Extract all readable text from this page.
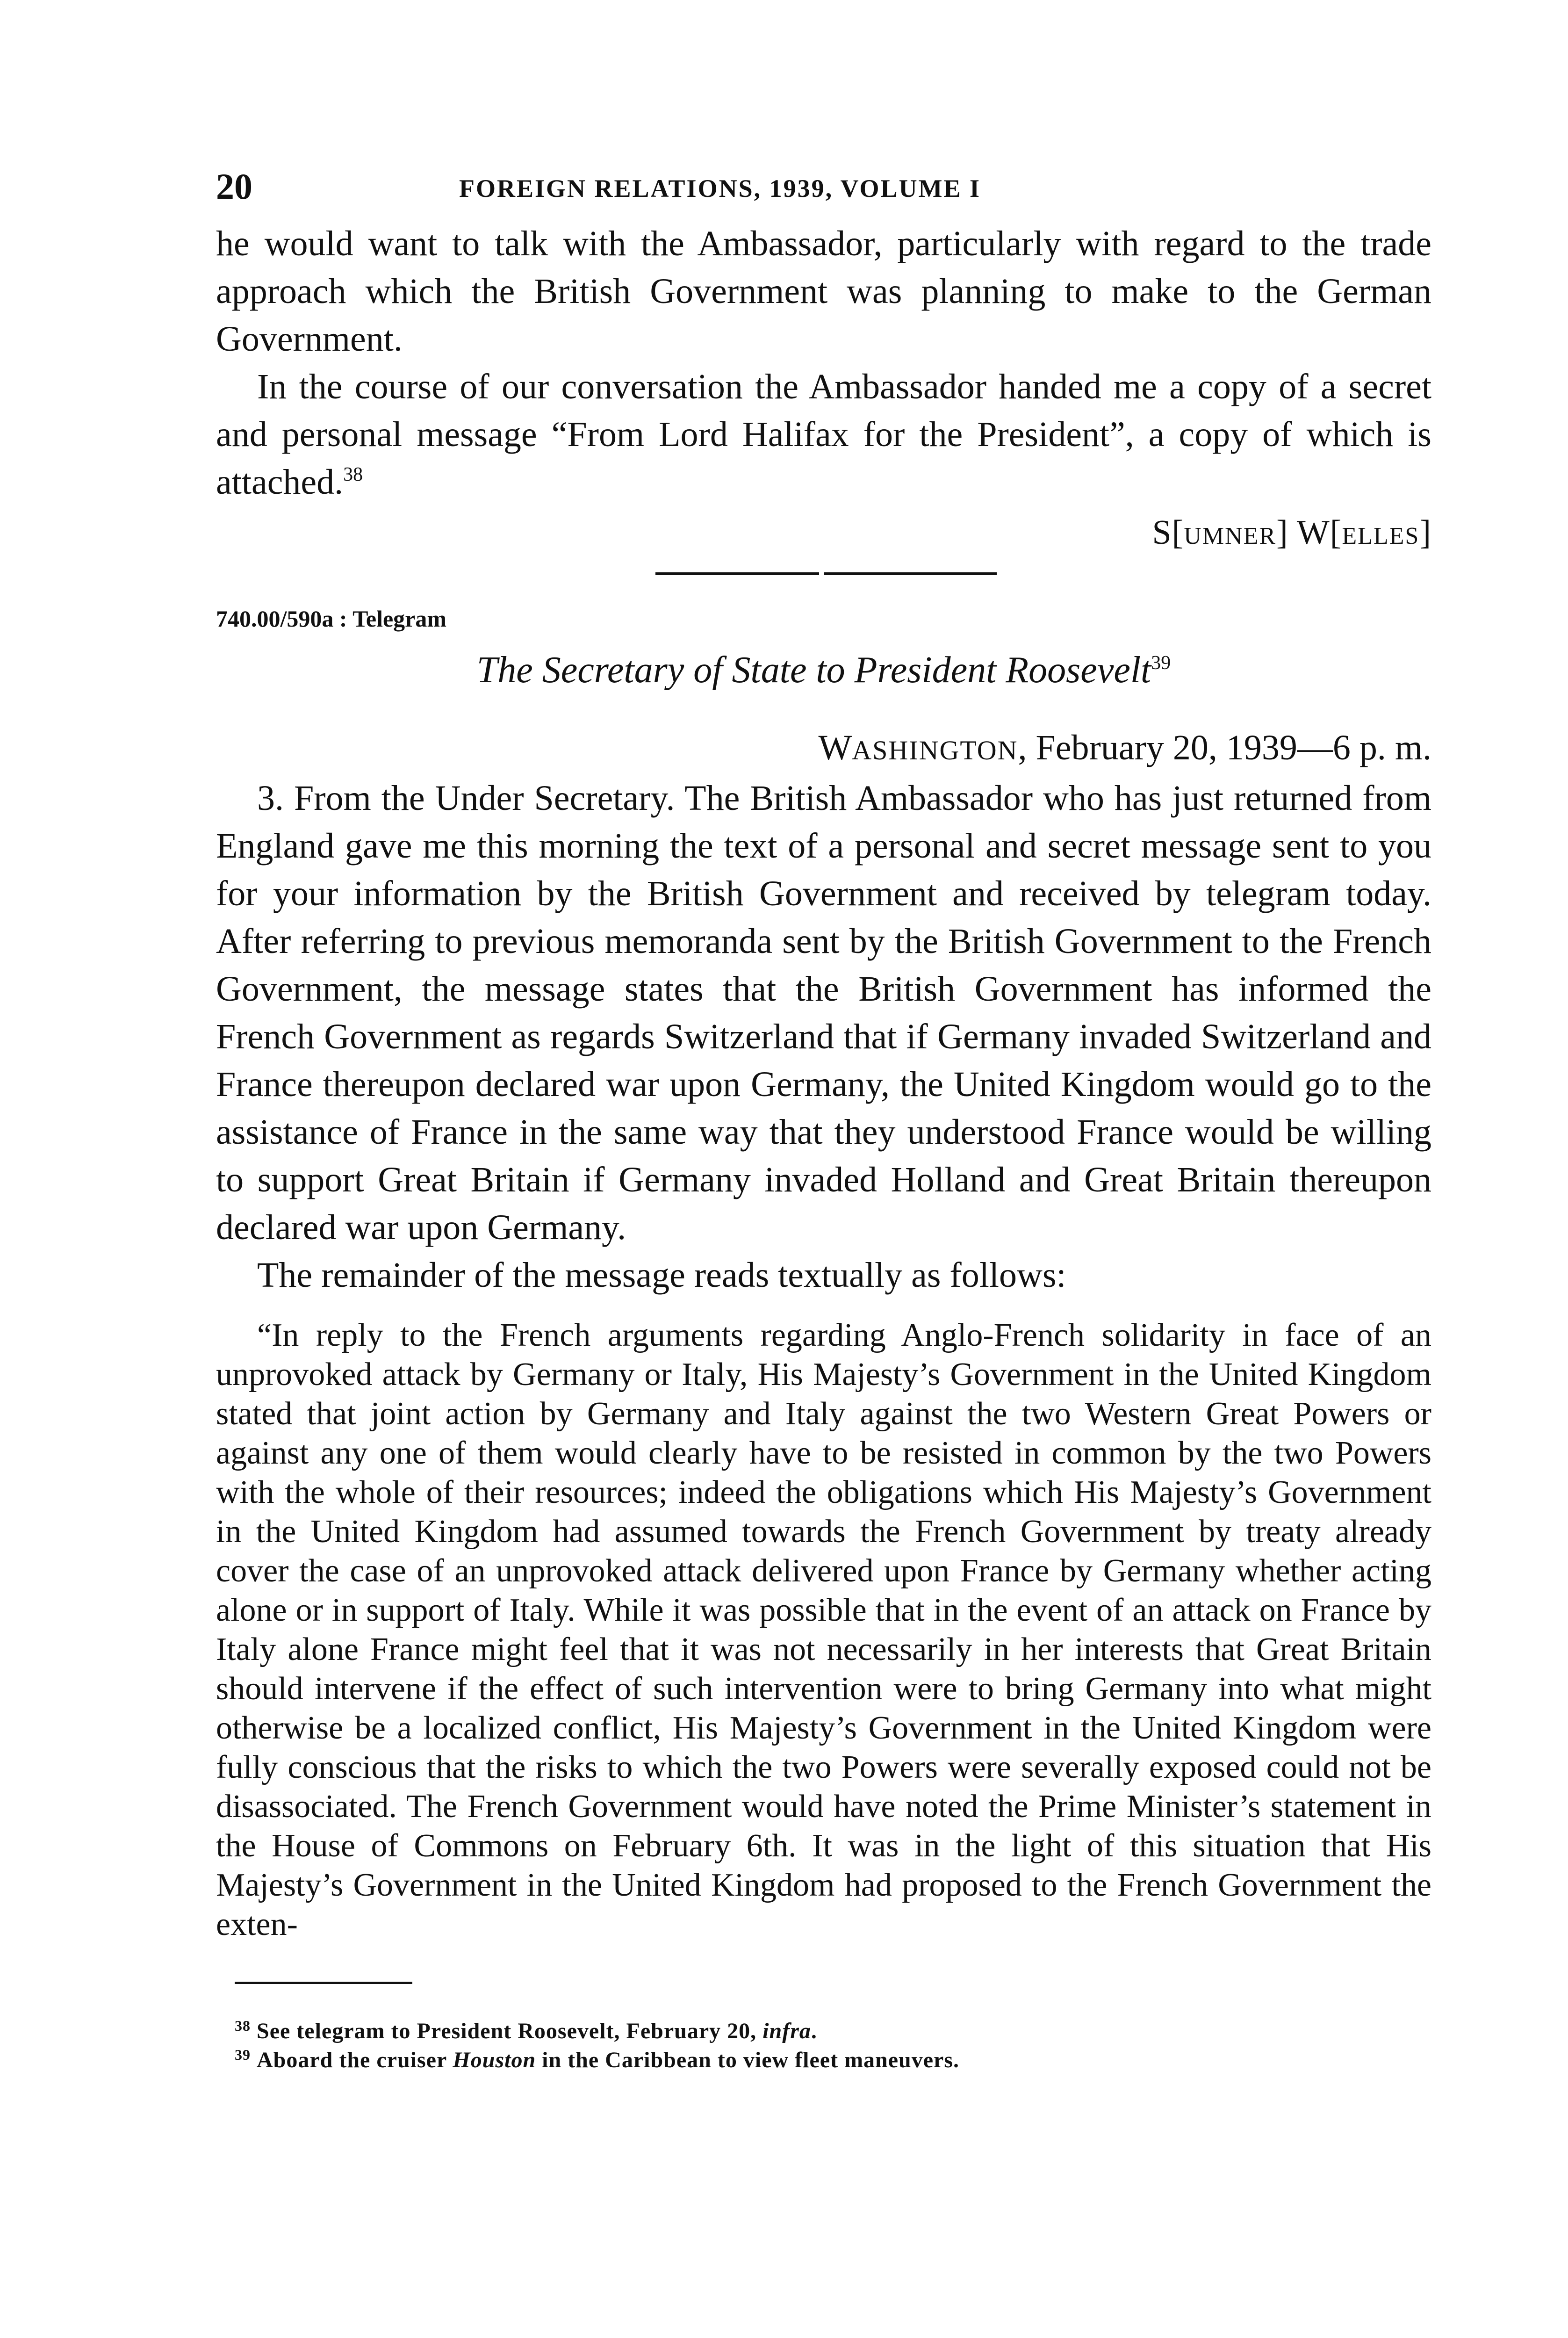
20	FOREIGN RELATIONS, 1939, VOLUME I

he would want to talk with the Ambassador, particularly with regard to the trade approach which the British Government was planning to make to the German Government.

In the course of our conversation the Ambassador handed me a copy of a secret and personal message “From Lord Halifax for the President”, a copy of which is attached.$^{38}$

S[UMNER] W[ELLES]

740.00/590a : Telegram

The Secretary of State to President Roosevelt$^{39}$

WASHINGTON, February 20, 1939—6 p. m.

3. From the Under Secretary. The British Ambassador who has just returned from England gave me this morning the text of a personal and secret message sent to you for your information by the British Government and received by telegram today. After referring to previous memoranda sent by the British Government to the French Government, the message states that the British Government has informed the French Government as regards Switzerland that if Germany invaded Switzerland and France thereupon declared war upon Germany, the United Kingdom would go to the assistance of France in the same way that they understood France would be willing to support Great Britain if Germany invaded Holland and Great Britain thereupon declared war upon Germany.

The remainder of the message reads textually as follows:

“In reply to the French arguments regarding Anglo-French solidarity in face of an unprovoked attack by Germany or Italy, His Majesty’s Government in the United Kingdom stated that joint action by Germany and Italy against the two Western Great Powers or against any one of them would clearly have to be resisted in common by the two Powers with the whole of their resources; indeed the obligations which His Majesty’s Government in the United Kingdom had assumed towards the French Government by treaty already cover the case of an unprovoked attack delivered upon France by Germany whether acting alone or in support of Italy. While it was possible that in the event of an attack on France by Italy alone France might feel that it was not necessarily in her interests that Great Britain should intervene if the effect of such intervention were to bring Germany into what might otherwise be a localized conflict, His Majesty’s Government in the United Kingdom were fully conscious that the risks to which the two Powers were severally exposed could not be disassociated. The French Government would have noted the Prime Minister’s statement in the House of Commons on February 6th. It was in the light of this situation that His Majesty’s Government in the United Kingdom had proposed to the French Government the exten-

$^{38}$ See telegram to President Roosevelt, February 20, infra.
$^{39}$ Aboard the cruiser Houston in the Caribbean to view fleet maneuvers.
